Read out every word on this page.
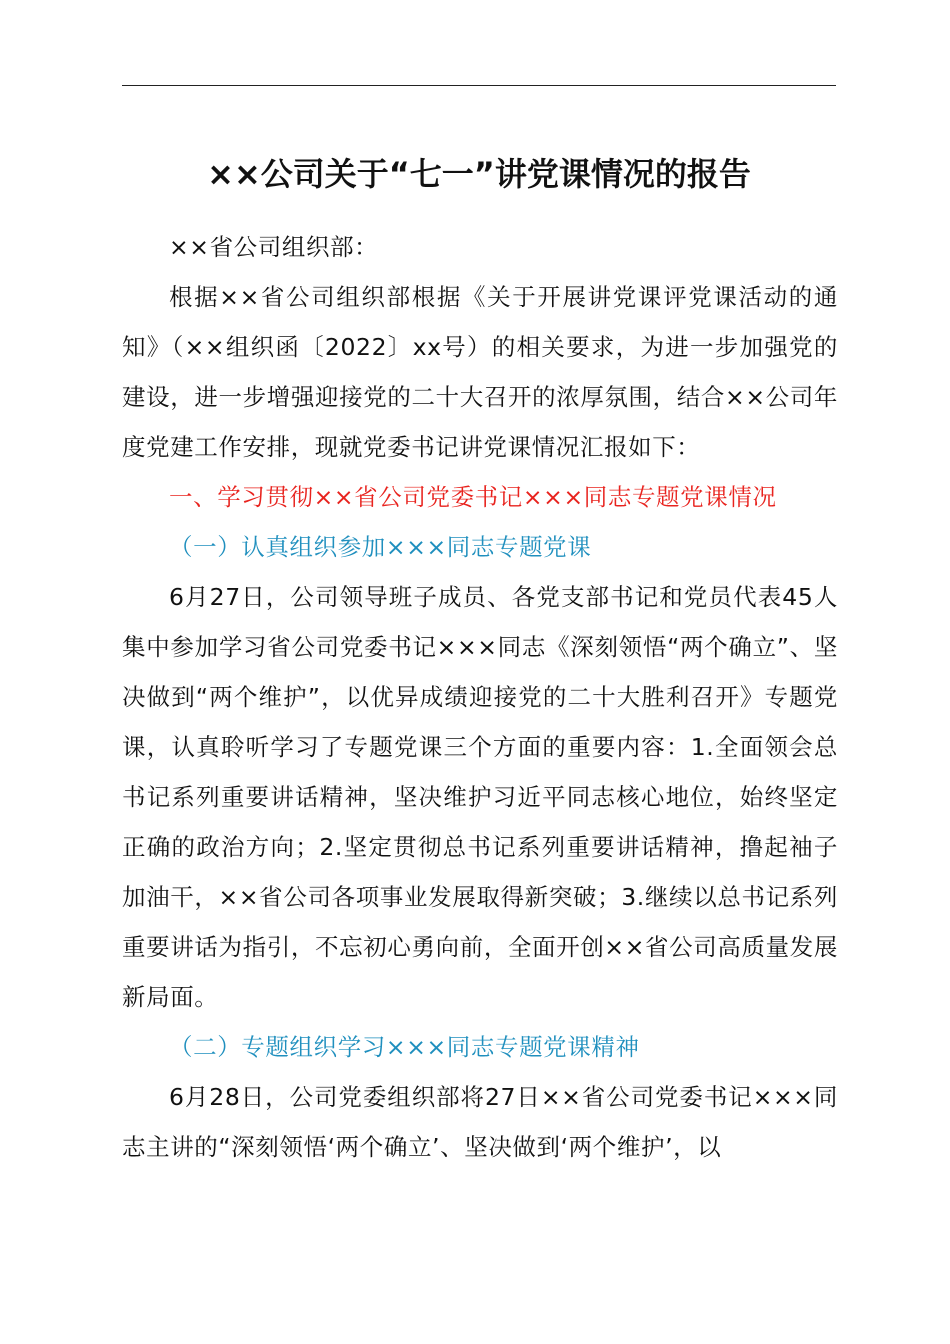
××公司关于“七一”讲党课情况的报告

××省公司组织部：

根据××省公司组织部根据《关于开展讲党课评党课活动的通知》（××组织函〔2022〕xx号）的相关要求，为进一步加强党的建设，进一步增强迎接党的二十大召开的浓厚氛围，结合××公司年度党建工作安排，现就党委书记讲党课情况汇报如下：

一、学习贯彻××省公司党委书记×××同志专题党课情况

（一）认真组织参加×××同志专题党课

6月27日，公司领导班子成员、各党支部书记和党员代表45人集中参加学习省公司党委书记×××同志《深刻领悟“两个确立”、坚决做到“两个维护”，以优异成绩迎接党的二十大胜利召开》专题党课，认真聆听学习了专题党课三个方面的重要内容：1.全面领会总书记系列重要讲话精神，坚决维护习近平同志核心地位，始终坚定正确的政治方向；2.坚定贯彻总书记系列重要讲话精神，撸起袖子加油干，××省公司各项事业发展取得新突破；3.继续以总书记系列重要讲话为指引，不忘初心勇向前，全面开创××省公司高质量发展新局面。

（二）专题组织学习×××同志专题党课精神

6月28日，公司党委组织部将27日××省公司党委书记×××同志主讲的“深刻领悟‘两个确立’、坚决做到‘两个维护’，以
